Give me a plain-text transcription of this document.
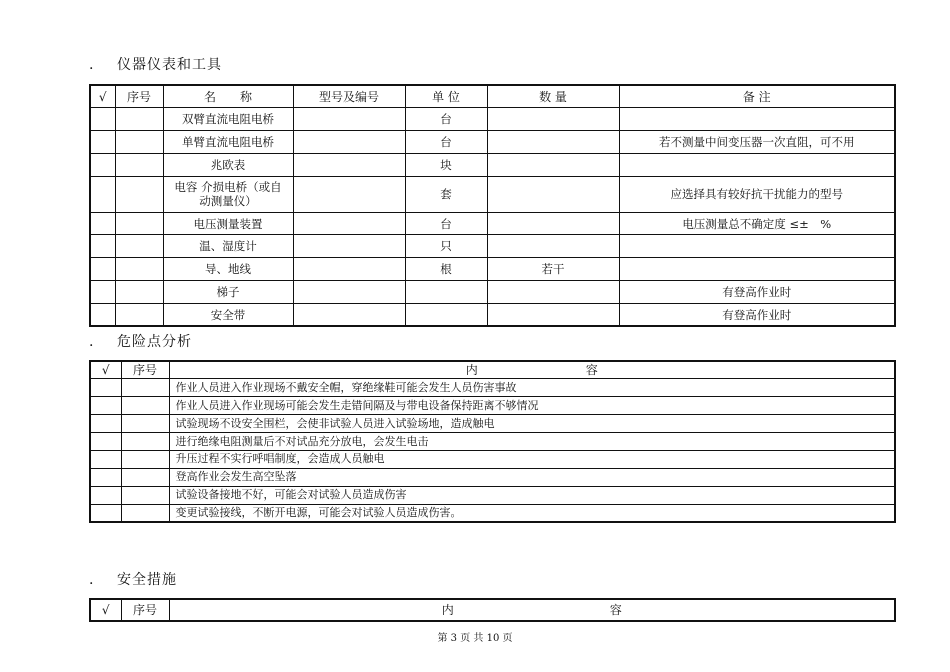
. 仪器仪表和工具
√	序号	名　　称	型号及编号	单 位	数 量	备 注
		双臂直流电阻电桥		台		
		单臂直流电阻电桥		台		若不测量中间变压器一次直阻，可不用
		兆欧表		块		
		电容 介损电桥（或自动测量仪）		套		应选择具有较好抗干扰能力的型号
		电压测量装置		台		电压测量总不确定度 ≤±　%
		温、湿度计		只		
		导、地线		根	若干	
		梯子				有登高作业时
		安全带				有登高作业时
. 危险点分析
√	序号	内　　　　　　　　　容
		作业人员进入作业现场不戴安全帽，穿绝缘鞋可能会发生人员伤害事故
		作业人员进入作业现场可能会发生走错间隔及与带电设备保持距离不够情况
		试验现场不设安全围栏，会使非试验人员进入试验场地，造成触电
		进行绝缘电阻测量后不对试品充分放电，会发生电击
		升压过程不实行呼唱制度，会造成人员触电
		登高作业会发生高空坠落
		试验设备接地不好，可能会对试验人员造成伤害
		变更试验接线，不断开电源，可能会对试验人员造成伤害。
. 安全措施
√	序号	内　　　　　　　　　　　　　容
第 3 页 共 10 页
